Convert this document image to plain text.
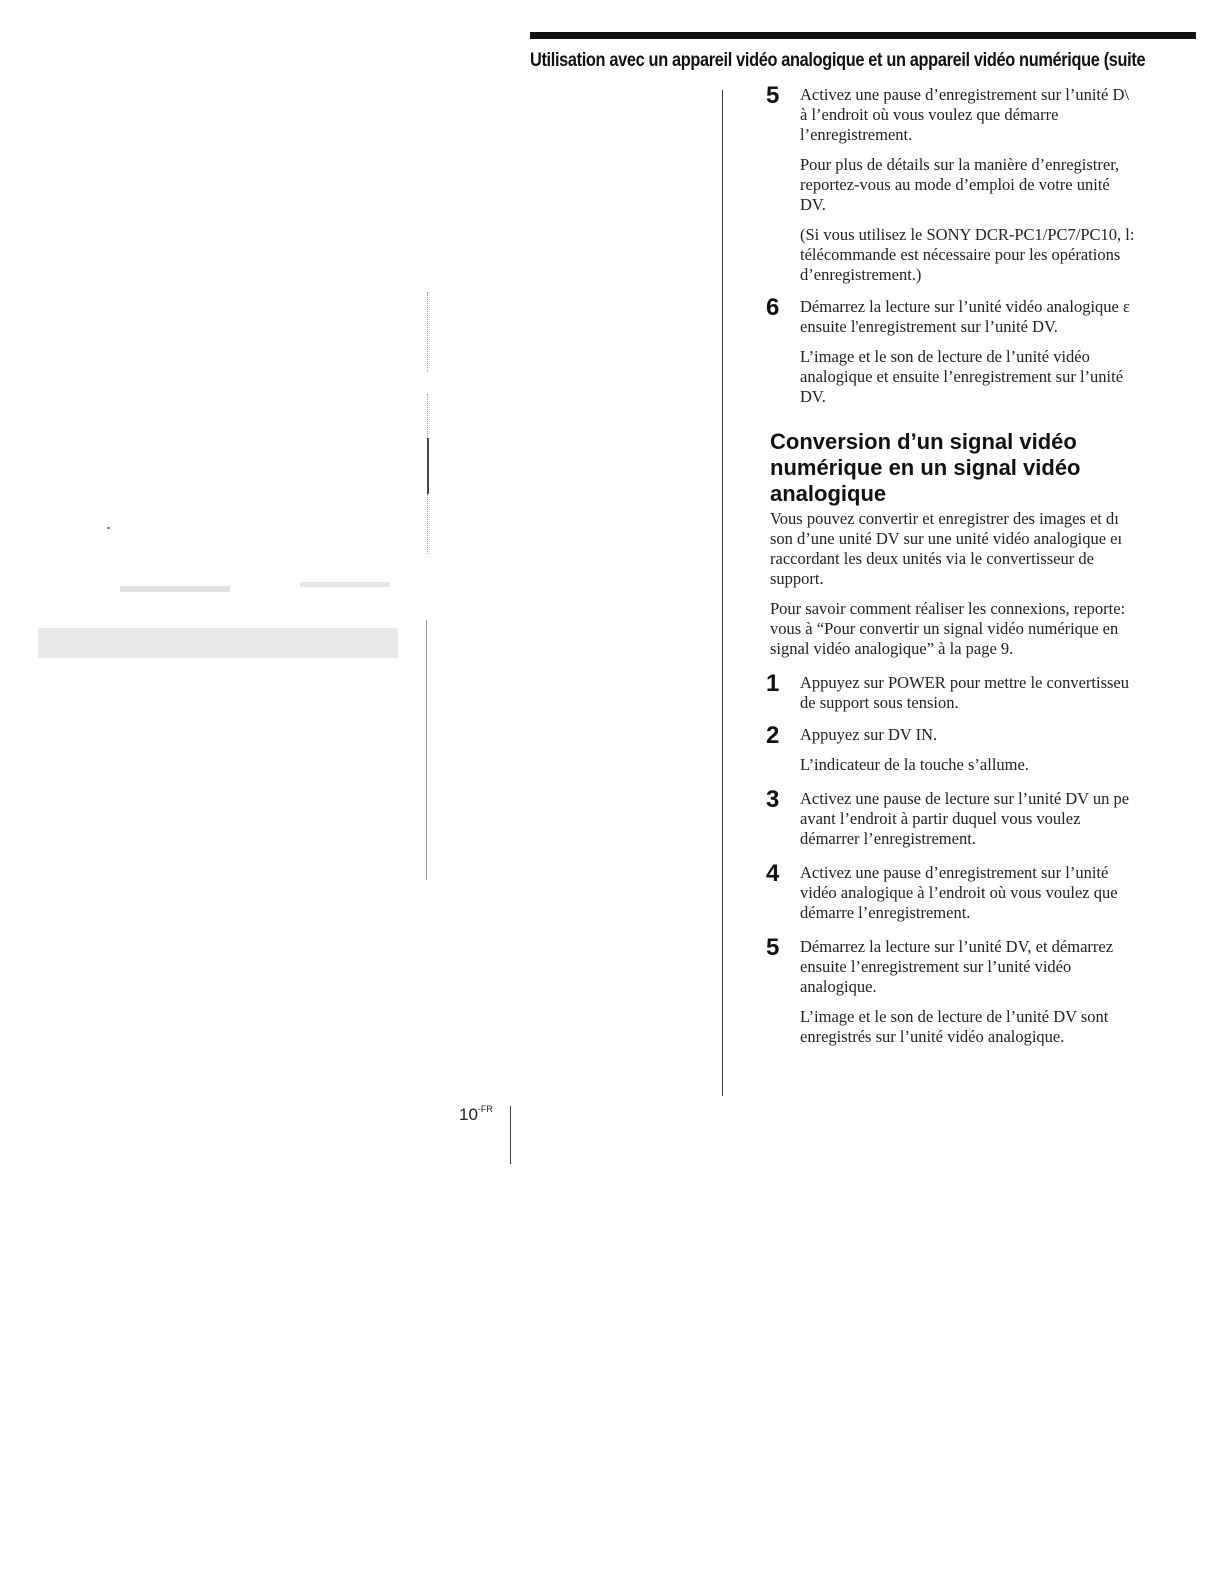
Utilisation avec un appareil vidéo analogique et un appareil vidéo numérique (suite
5 Activez une pause d’enregistrement sur l’unité D\
à l’endroit où vous voulez que démarre
l’enregistrement.

Pour plus de détails sur la manière d’enregistrer,
reportez-vous au mode d’emploi de votre unité
DV.

(Si vous utilisez le SONY DCR-PC1/PC7/PC10, l:
télécommande est nécessaire pour les opérations
d’enregistrement.)

6 Démarrez la lecture sur l’unité vidéo analogique ε
ensuite l'enregistrement sur l’unité DV.

L’image et le son de lecture de l’unité vidéo
analogique et ensuite l’enregistrement sur l’unité
DV.

Conversion d’un signal vidéo
numérique en un signal vidéo
analogique

Vous pouvez convertir et enregistrer des images et dı
son d’une unité DV sur une unité vidéo analogique eı
raccordant les deux unités via le convertisseur de
support.

Pour savoir comment réaliser les connexions, reporte:
vous à “Pour convertir un signal vidéo numérique en
signal vidéo analogique” à la page 9.

1 Appuyez sur POWER pour mettre le convertisseu
de support sous tension.

2 Appuyez sur DV IN.

L’indicateur de la touche s’allume.

3 Activez une pause de lecture sur l’unité DV un pe
avant l’endroit à partir duquel vous voulez
démarrer l’enregistrement.

4 Activez une pause d’enregistrement sur l’unité
vidéo analogique à l’endroit où vous voulez que
démarre l’enregistrement.

5 Démarrez la lecture sur l’unité DV, et démarrez
ensuite l’enregistrement sur l’unité vidéo
analogique.

L’image et le son de lecture de l’unité DV sont
enregistrés sur l’unité vidéo analogique.

$10^{-FR}$
